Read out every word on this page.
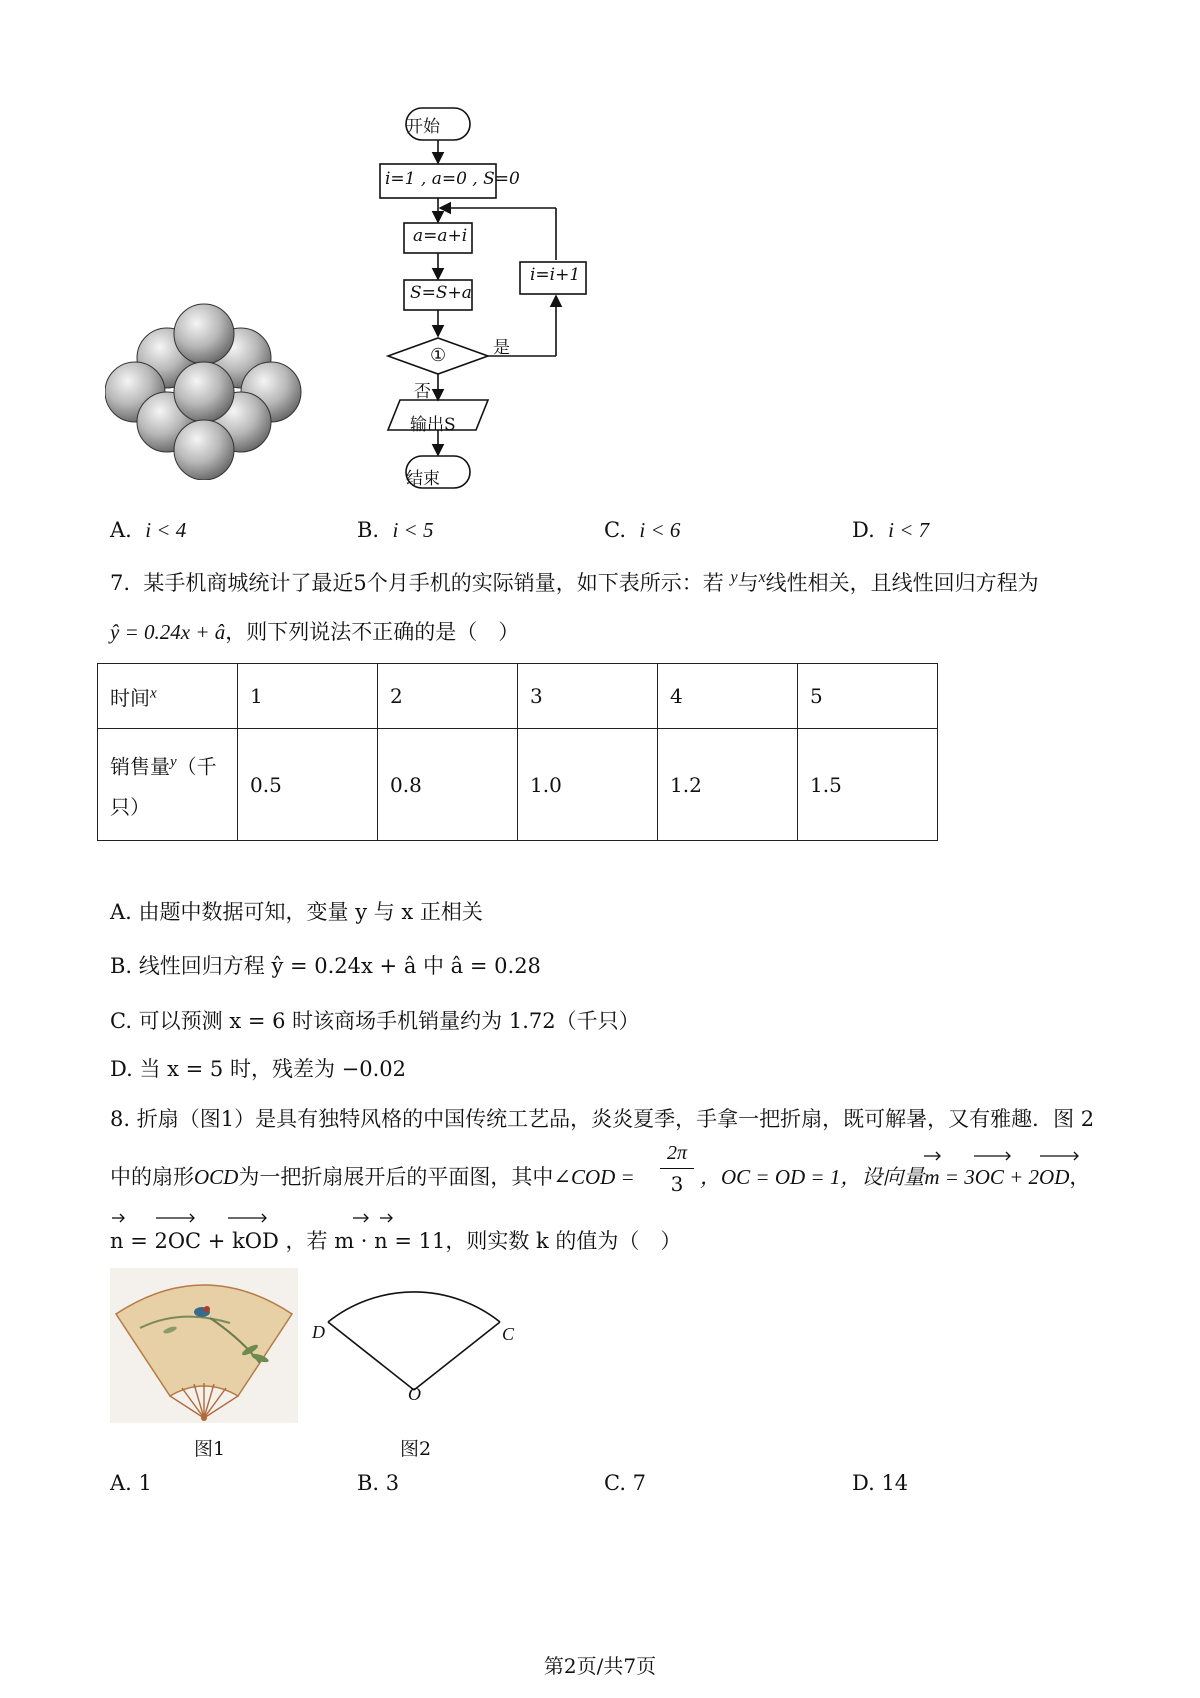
开始
i=1 , a=0 , S=0
a=a+i
S=S+a
①
i=i+1
是
否
输出S
结束
A. i < 4	B. i < 5	C. i < 6	D. i < 7
7. 某手机商城统计了最近5个月手机的实际销量，如下表所示：若 $^y$与$^x$线性相关，且线性回归方程为
ŷ = 0.24x + â，则下列说法不正确的是（　）
时间$^x$	1	2	3	4	5
销售量$^y$（千
只）	0.5	0.8	1.0	1.2	1.5
A. 由题中数据可知，变量 y 与 x 正相关
B. 线性回归方程 ŷ = 0.24x + â 中 â = 0.28
C. 可以预测 x = 6 时该商场手机销量约为 1.72（千只）
D. 当 x = 5 时，残差为 −0.02
8. 折扇（图1）是具有独特风格的中国传统工艺品，炎炎夏季，手拿一把折扇，既可解暑，又有雅趣．图 2
中的扇形OCD为一把折扇展开后的平面图，其中∠COD =
2π
3 ，OC = OD = 1，设向量m = 3OC + 2OD，
n = 2OC + kOD ，若 m · n = 11，则实数 k 的值为（　）
D	C
O
图1	图2
A. 1	B. 3	C. 7	D. 14
第2页/共7页
